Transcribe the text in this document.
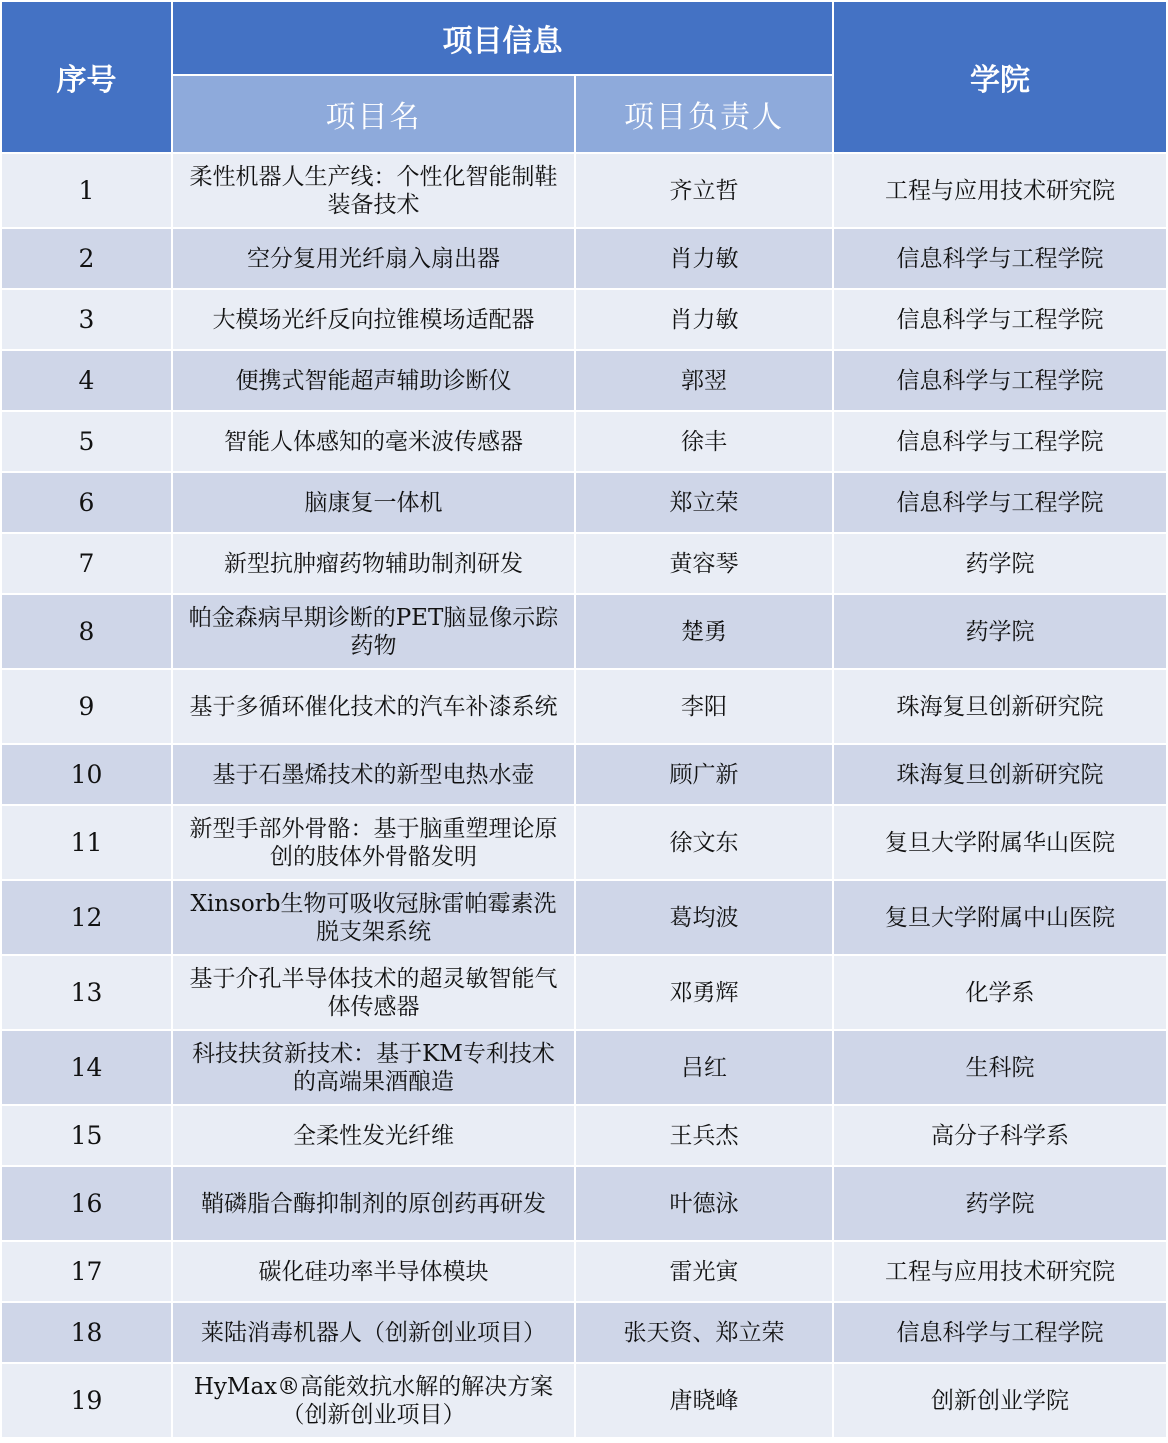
序号	项目信息		学院
	项目名	项目负责人	
1	柔性机器人生产线：个性化智能制鞋装备技术	齐立哲	工程与应用技术研究院
2	空分复用光纤扇入扇出器	肖力敏	信息科学与工程学院
3	大模场光纤反向拉锥模场适配器	肖力敏	信息科学与工程学院
4	便携式智能超声辅助诊断仪	郭翌	信息科学与工程学院
5	智能人体感知的毫米波传感器	徐丰	信息科学与工程学院
6	脑康复一体机	郑立荣	信息科学与工程学院
7	新型抗肿瘤药物辅助制剂研发	黄容琴	药学院
8	帕金森病早期诊断的PET脑显像示踪药物	楚勇	药学院
9	基于多循环催化技术的汽车补漆系统	李阳	珠海复旦创新研究院
10	基于石墨烯技术的新型电热水壶	顾广新	珠海复旦创新研究院
11	新型手部外骨骼：基于脑重塑理论原创的肢体外骨骼发明	徐文东	复旦大学附属华山医院
12	Xinsorb生物可吸收冠脉雷帕霉素洗脱支架系统	葛均波	复旦大学附属中山医院
13	基于介孔半导体技术的超灵敏智能气体传感器	邓勇辉	化学系
14	科技扶贫新技术：基于KM专利技术的高端果酒酿造	吕红	生科院
15	全柔性发光纤维	王兵杰	高分子科学系
16	鞘磷脂合酶抑制剂的原创药再研发	叶德泳	药学院
17	碳化硅功率半导体模块	雷光寅	工程与应用技术研究院
18	莱陆消毒机器人（创新创业项目）	张天资、郑立荣	信息科学与工程学院
19	HyMax®高能效抗水解的解决方案（创新创业项目）	唐晓峰	创新创业学院
